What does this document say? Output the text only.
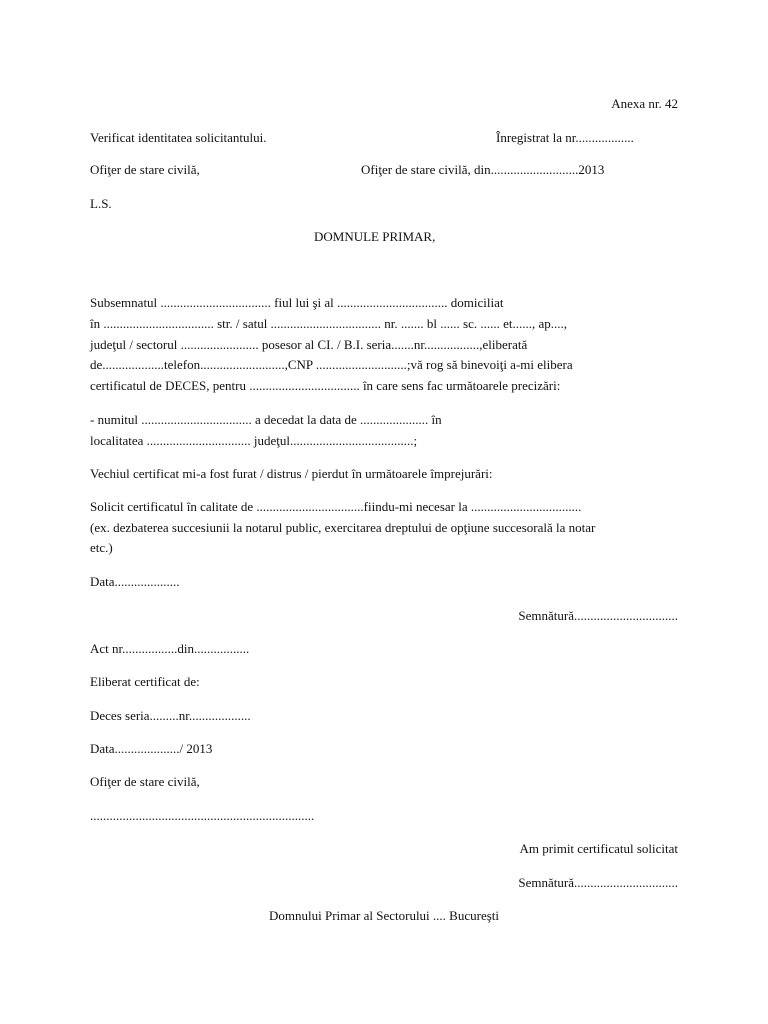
Anexa nr. 42
Verificat identitatea solicitantului.	Înregistrat la nr..................
Ofiţer de stare civilă,	Ofiţer de stare civilă, din...........................2013
L.S.
DOMNULE PRIMAR,
Subsemnatul .................................. fiul lui şi al .................................. domiciliat
în .................................. str. / satul .................................. nr. ....... bl ...... sc. ...... et......, ap....,
judeţul / sectorul ........................ posesor al CI. / B.I. seria.......nr.................,eliberată
de...................telefon..........................,CNP ............................;vă rog să binevoiţi a-mi elibera
certificatul de DECES, pentru .................................. în care sens fac următoarele precizări:
- numitul .................................. a decedat la data de ..................... în
localitatea ................................ judeţul......................................;
Vechiul certificat mi-a fost furat / distrus / pierdut în următoarele împrejurări:
Solicit certificatul în calitate de .................................fiindu-mi necesar la ..................................
(ex. dezbaterea succesiunii la notarul public, exercitarea dreptului de opţiune succesorală la notar
etc.)
Data....................
Semnătură................................
Act nr.................din.................
Eliberat certificat de:
Deces seria.........nr...................
Data..................../ 2013
Ofiţer de stare civilă,
.....................................................................
Am primit certificatul solicitat
Semnătură................................
Domnului Primar al Sectorului .... Bucureşti
